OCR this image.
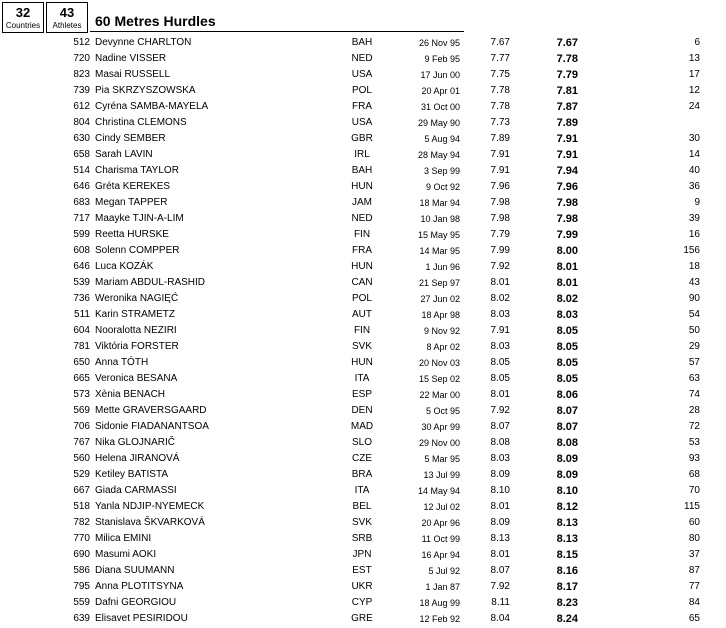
32
Countries
43
Athletes 60 Metres Hurdles
512 Devynne CHARLTON	BAH	26 Nov 95	7.67	7.67	6
720 Nadine VISSER	NED	9 Feb 95	7.77	7.78	13
823 Masai RUSSELL	USA	17 Jun 00	7.75	7.79	17
739 Pia SKRZYSZOWSKA	POL	20 Apr 01	7.78	7.81	12
612 Cyréna SAMBA-MAYELA	FRA	31 Oct 00	7.78	7.87	24
804 Christina CLEMONS	USA	29 May 90	7.73	7.89
630 Cindy SEMBER	GBR	5 Aug 94	7.89	7.91	30
658 Sarah LAVIN	IRL	28 May 94	7.91	7.91	14
514 Charisma TAYLOR	BAH	3 Sep 99	7.91	7.94	40
646 Gréta KEREKES	HUN	9 Oct 92	7.96	7.96	36
683 Megan TAPPER	JAM	18 Mar 94	7.98	7.98	9
717 Maayke TJIN-A-LIM	NED	10 Jan 98	7.98	7.98	39
599 Reetta HURSKE	FIN	15 May 95	7.79	7.99	16
608 Solenn COMPPER	FRA	14 Mar 95	7.99	8.00	156
646 Luca KOZÁK	HUN	1 Jun 96	7.92	8.01	18
539 Mariam ABDUL-RASHID	CAN	21 Sep 97	8.01	8.01	43
736 Weronika NAGIĘĆ	POL	27 Jun 02	8.02	8.02	90
511 Karin STRAMETZ	AUT	18 Apr 98	8.03	8.03	54
604 Nooralotta NEZIRI	FIN	9 Nov 92	7.91	8.05	50
781 Viktória FORSTER	SVK	8 Apr 02	8.03	8.05	29
650 Anna TÓTH	HUN	20 Nov 03	8.05	8.05	57
665 Veronica BESANA	ITA	15 Sep 02	8.05	8.05	63
573 Xènia BENACH	ESP	22 Mar 00	8.01	8.06	74
569 Mette GRAVERSGAARD	DEN	5 Oct 95	7.92	8.07	28
706 Sidonie FIADANANTSOA	MAD	30 Apr 99	8.07	8.07	72
767 Nika GLOJNARIČ	SLO	29 Nov 00	8.08	8.08	53
560 Helena JIRANOVÁ	CZE	5 Mar 95	8.03	8.09	93
529 Ketiley BATISTA	BRA	13 Jul 99	8.09	8.09	68
667 Giada CARMASSI	ITA	14 May 94	8.10	8.10	70
518 Yanla NDJIP-NYEMECK	BEL	12 Jul 02	8.01	8.12	115
782 Stanislava ŠKVARKOVÁ	SVK	20 Apr 96	8.09	8.13	60
770 Milica EMINI	SRB	11 Oct 99	8.13	8.13	80
690 Masumi AOKI	JPN	16 Apr 94	8.01	8.15	37
586 Diana SUUMANN	EST	5 Jul 92	8.07	8.16	87
795 Anna PLOTITSYNA	UKR	1 Jan 87	7.92	8.17	77
559 Dafni GEORGIOU	CYP	18 Aug 99	8.11	8.23	84
639 Elisavet PESIRIDOU	GRE	12 Feb 92	8.04	8.24	65
